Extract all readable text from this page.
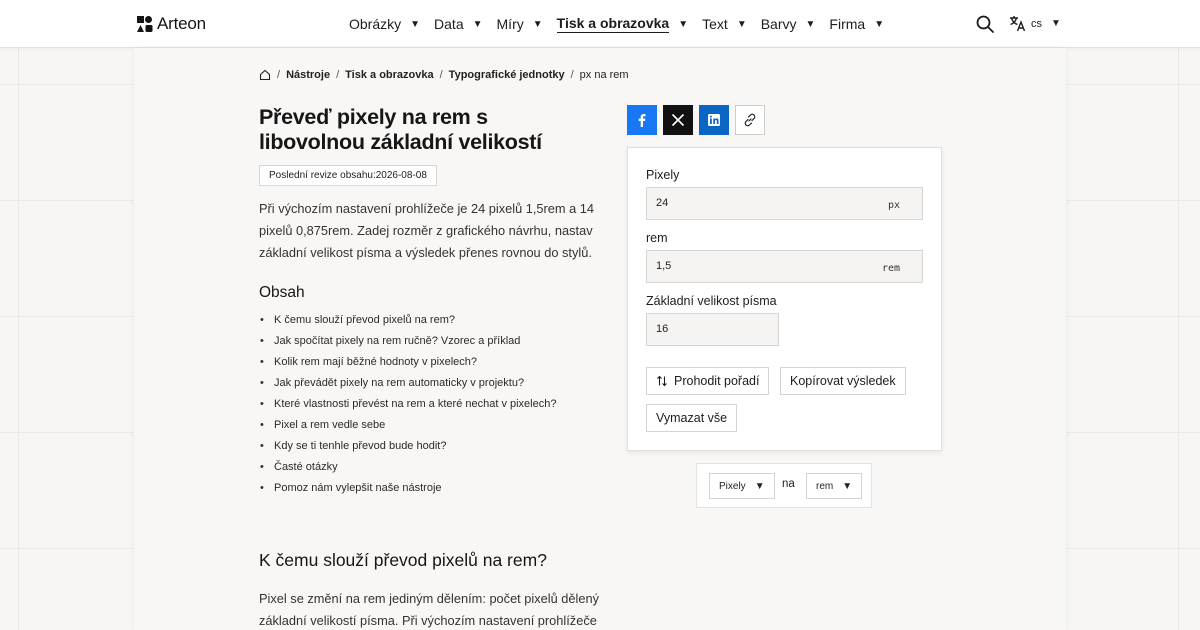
Arteon	Obrázky ▼ Data ▼ Míry ▼ Tisk a obrazovka ▼ Text ▼ Barvy ▼ Firma ▼	cs ▼
/ Nástroje / Tisk a obrazovka / Typografické jednotky / px na rem
Převeď pixely na rem s libovolnou základní velikostí
Poslední revize obsahu:2026-08-08

Při výchozím nastavení prohlížeče je 24 pixelů 1,5rem a 14 pixelů 0,875rem. Zadej rozměr z grafického návrhu, nastav základní velikost písma a výsledek přenes rovnou do stylů.

Obsah
• K čemu slouží převod pixelů na rem?
• Jak spočítat pixely na rem ručně? Vzorec a příklad
• Kolik rem mají běžné hodnoty v pixelech?
• Jak převádět pixely na rem automaticky v projektu?
• Které vlastnosti převést na rem a které nechat v pixelech?
• Pixel a rem vedle sebe
• Kdy se ti tenhle převod bude hodit?
• Časté otázky
• Pomoz nám vylepšit naše nástroje
K čemu slouží převod pixelů na rem?

Pixel se změní na rem jediným dělením: počet pixelů dělený základní velikostí písma. Při výchozím nastavení prohlížeče

Pixely
24	px
rem
1,5	rem
Základní velikost písma
16
Prohodit pořadí	Kopírovat výsledek
Vymazat vše
Pixely ▼ na rem ▼
